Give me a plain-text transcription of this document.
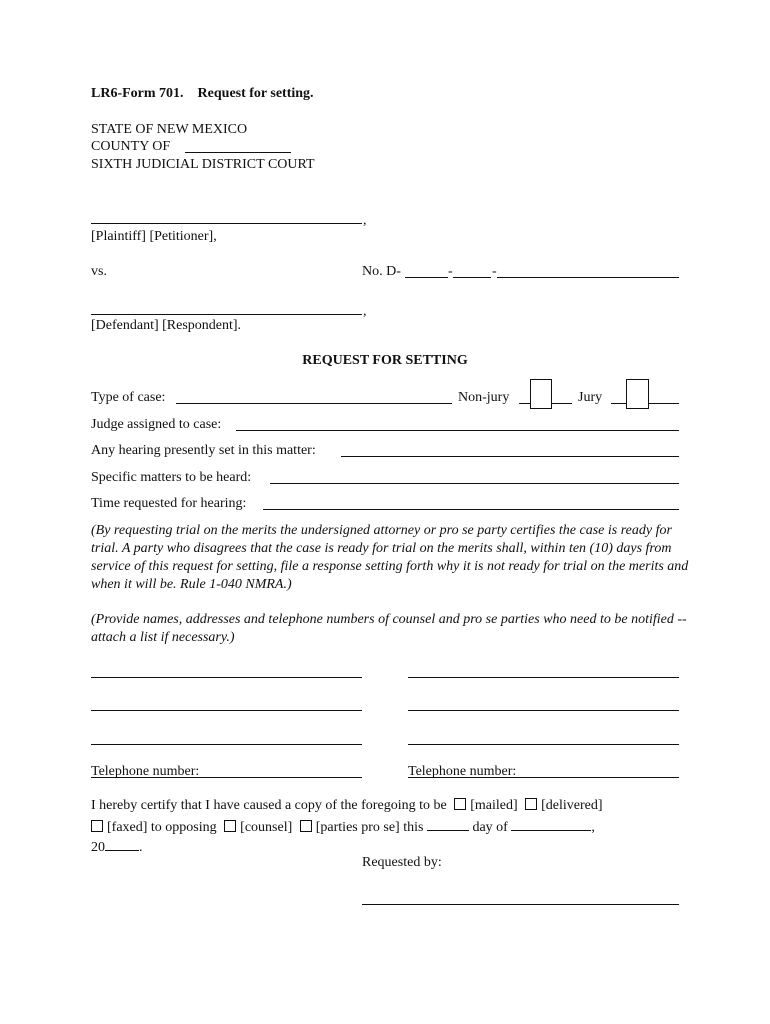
LR6-Form 701. Request for setting.
STATE OF NEW MEXICO
COUNTY OF
SIXTH JUDICIAL DISTRICT COURT
,
[Plaintiff] [Petitioner],
vs.	No. D-	-	-
,
[Defendant] [Respondent].
REQUEST FOR SETTING
Type of case:	Non-jury	Jury
Judge assigned to case:
Any hearing presently set in this matter:
Specific matters to be heard:
Time requested for hearing:
(By requesting trial on the merits the undersigned attorney or pro se party certifies the case is ready for trial. A party who disagrees that the case is ready for trial on the merits shall, within ten (10) days from service of this request for setting, file a response setting forth why it is not ready for trial on the merits and when it will be. Rule 1-040 NMRA.)
(Provide names, addresses and telephone numbers of counsel and pro se parties who need to be notified -- attach a list if necessary.)
Telephone number:	Telephone number:
I hereby certify that I have caused a copy of the foregoing to be [mailed] [delivered]
[faxed] to opposing [counsel] [parties pro se] this	day of	,
20 .
Requested by:
